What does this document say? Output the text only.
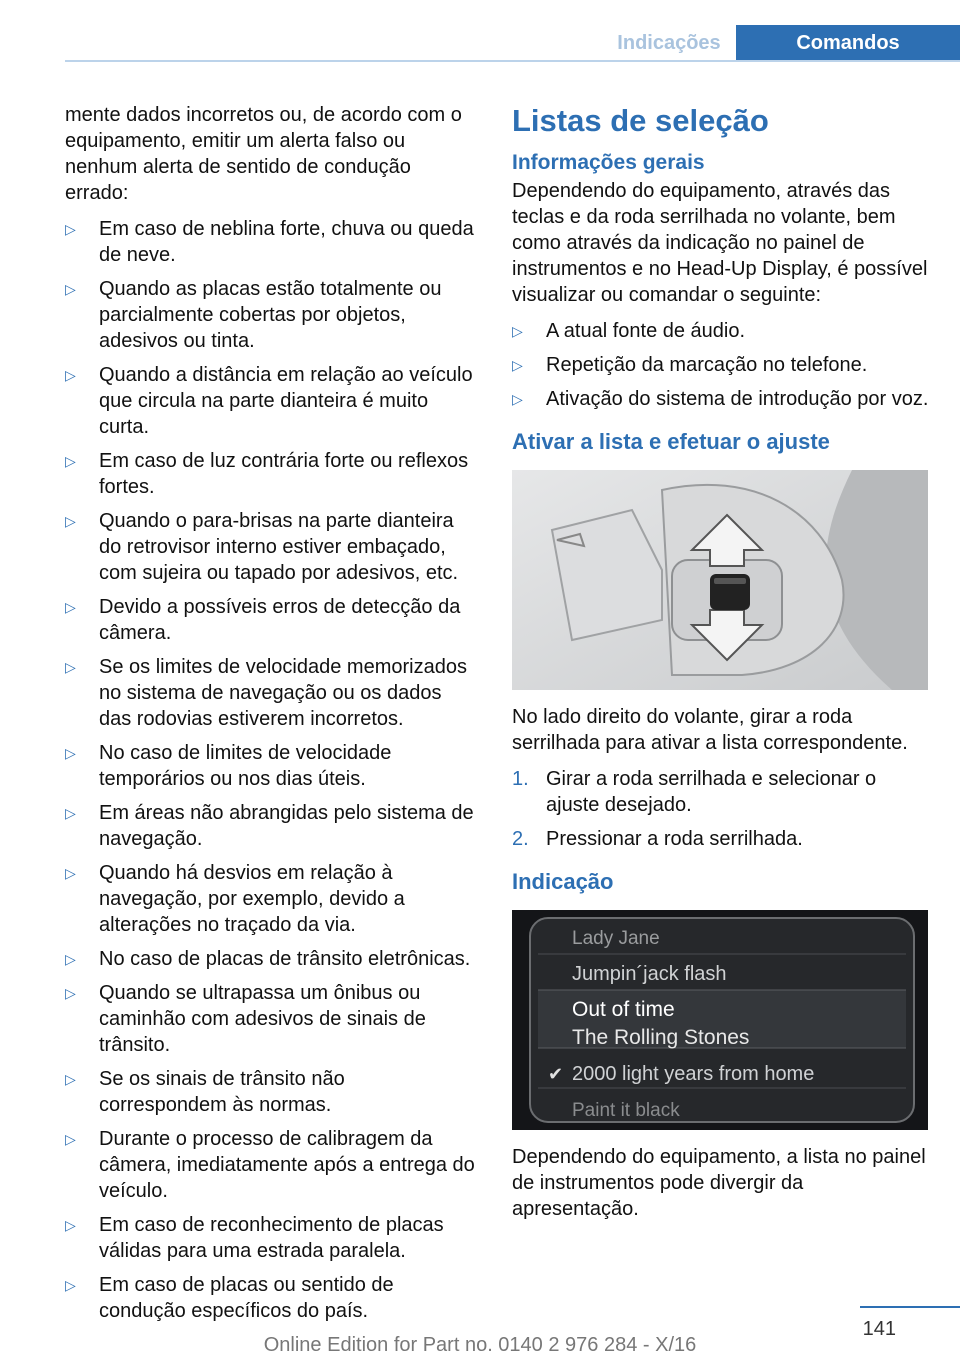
Indicações	Comandos

mente dados incorretos ou, de acordo com o equipamento, emitir um alerta falso ou nenhum alerta de sentido de condução errado:

▷ Em caso de neblina forte, chuva ou queda de neve.
▷ Quando as placas estão totalmente ou parcialmente cobertas por objetos, adesivos ou tinta.
▷ Quando a distância em relação ao veículo que circula na parte dianteira é muito curta.
▷ Em caso de luz contrária forte ou reflexos fortes.
▷ Quando o para-brisas na parte dianteira do retrovisor interno estiver embaçado, com sujeira ou tapado por adesivos, etc.
▷ Devido a possíveis erros de detecção da câmera.
▷ Se os limites de velocidade memorizados no sistema de navegação ou os dados das rodovias estiverem incorretos.
▷ No caso de limites de velocidade temporários ou nos dias úteis.
▷ Em áreas não abrangidas pelo sistema de navegação.
▷ Quando há desvios em relação à navegação, por exemplo, devido a alterações no traçado da via.
▷ No caso de placas de trânsito eletrônicas.
▷ Quando se ultrapassa um ônibus ou caminhão com adesivos de sinais de trânsito.
▷ Se os sinais de trânsito não correspondem às normas.
▷ Durante o processo de calibragem da câmera, imediatamente após a entrega do veículo.
▷ Em caso de reconhecimento de placas válidas para uma estrada paralela.
▷ Em caso de placas ou sentido de condução específicos do país.
Listas de seleção
Informações gerais

Dependendo do equipamento, através das teclas e da roda serrilhada no volante, bem como através da indicação no painel de instrumentos e no Head-Up Display, é possível visualizar ou comandar o seguinte:

▷ A atual fonte de áudio.
▷ Repetição da marcação no telefone.
▷ Ativação do sistema de introdução por voz.
Ativar a lista e efetuar o ajuste

No lado direito do volante, girar a roda serrilhada para ativar a lista correspondente.

1. Girar a roda serrilhada e selecionar o ajuste desejado.
2. Pressionar a roda serrilhada.
Indicação
Lady Jane
Jumpin´jack flash
Out of time
The Rolling Stones
✔ 2000 light years from home
Paint it black

Dependendo do equipamento, a lista no painel de instrumentos pode divergir da apresentação.

141
Online Edition for Part no. 0140 2 976 284 - X/16
